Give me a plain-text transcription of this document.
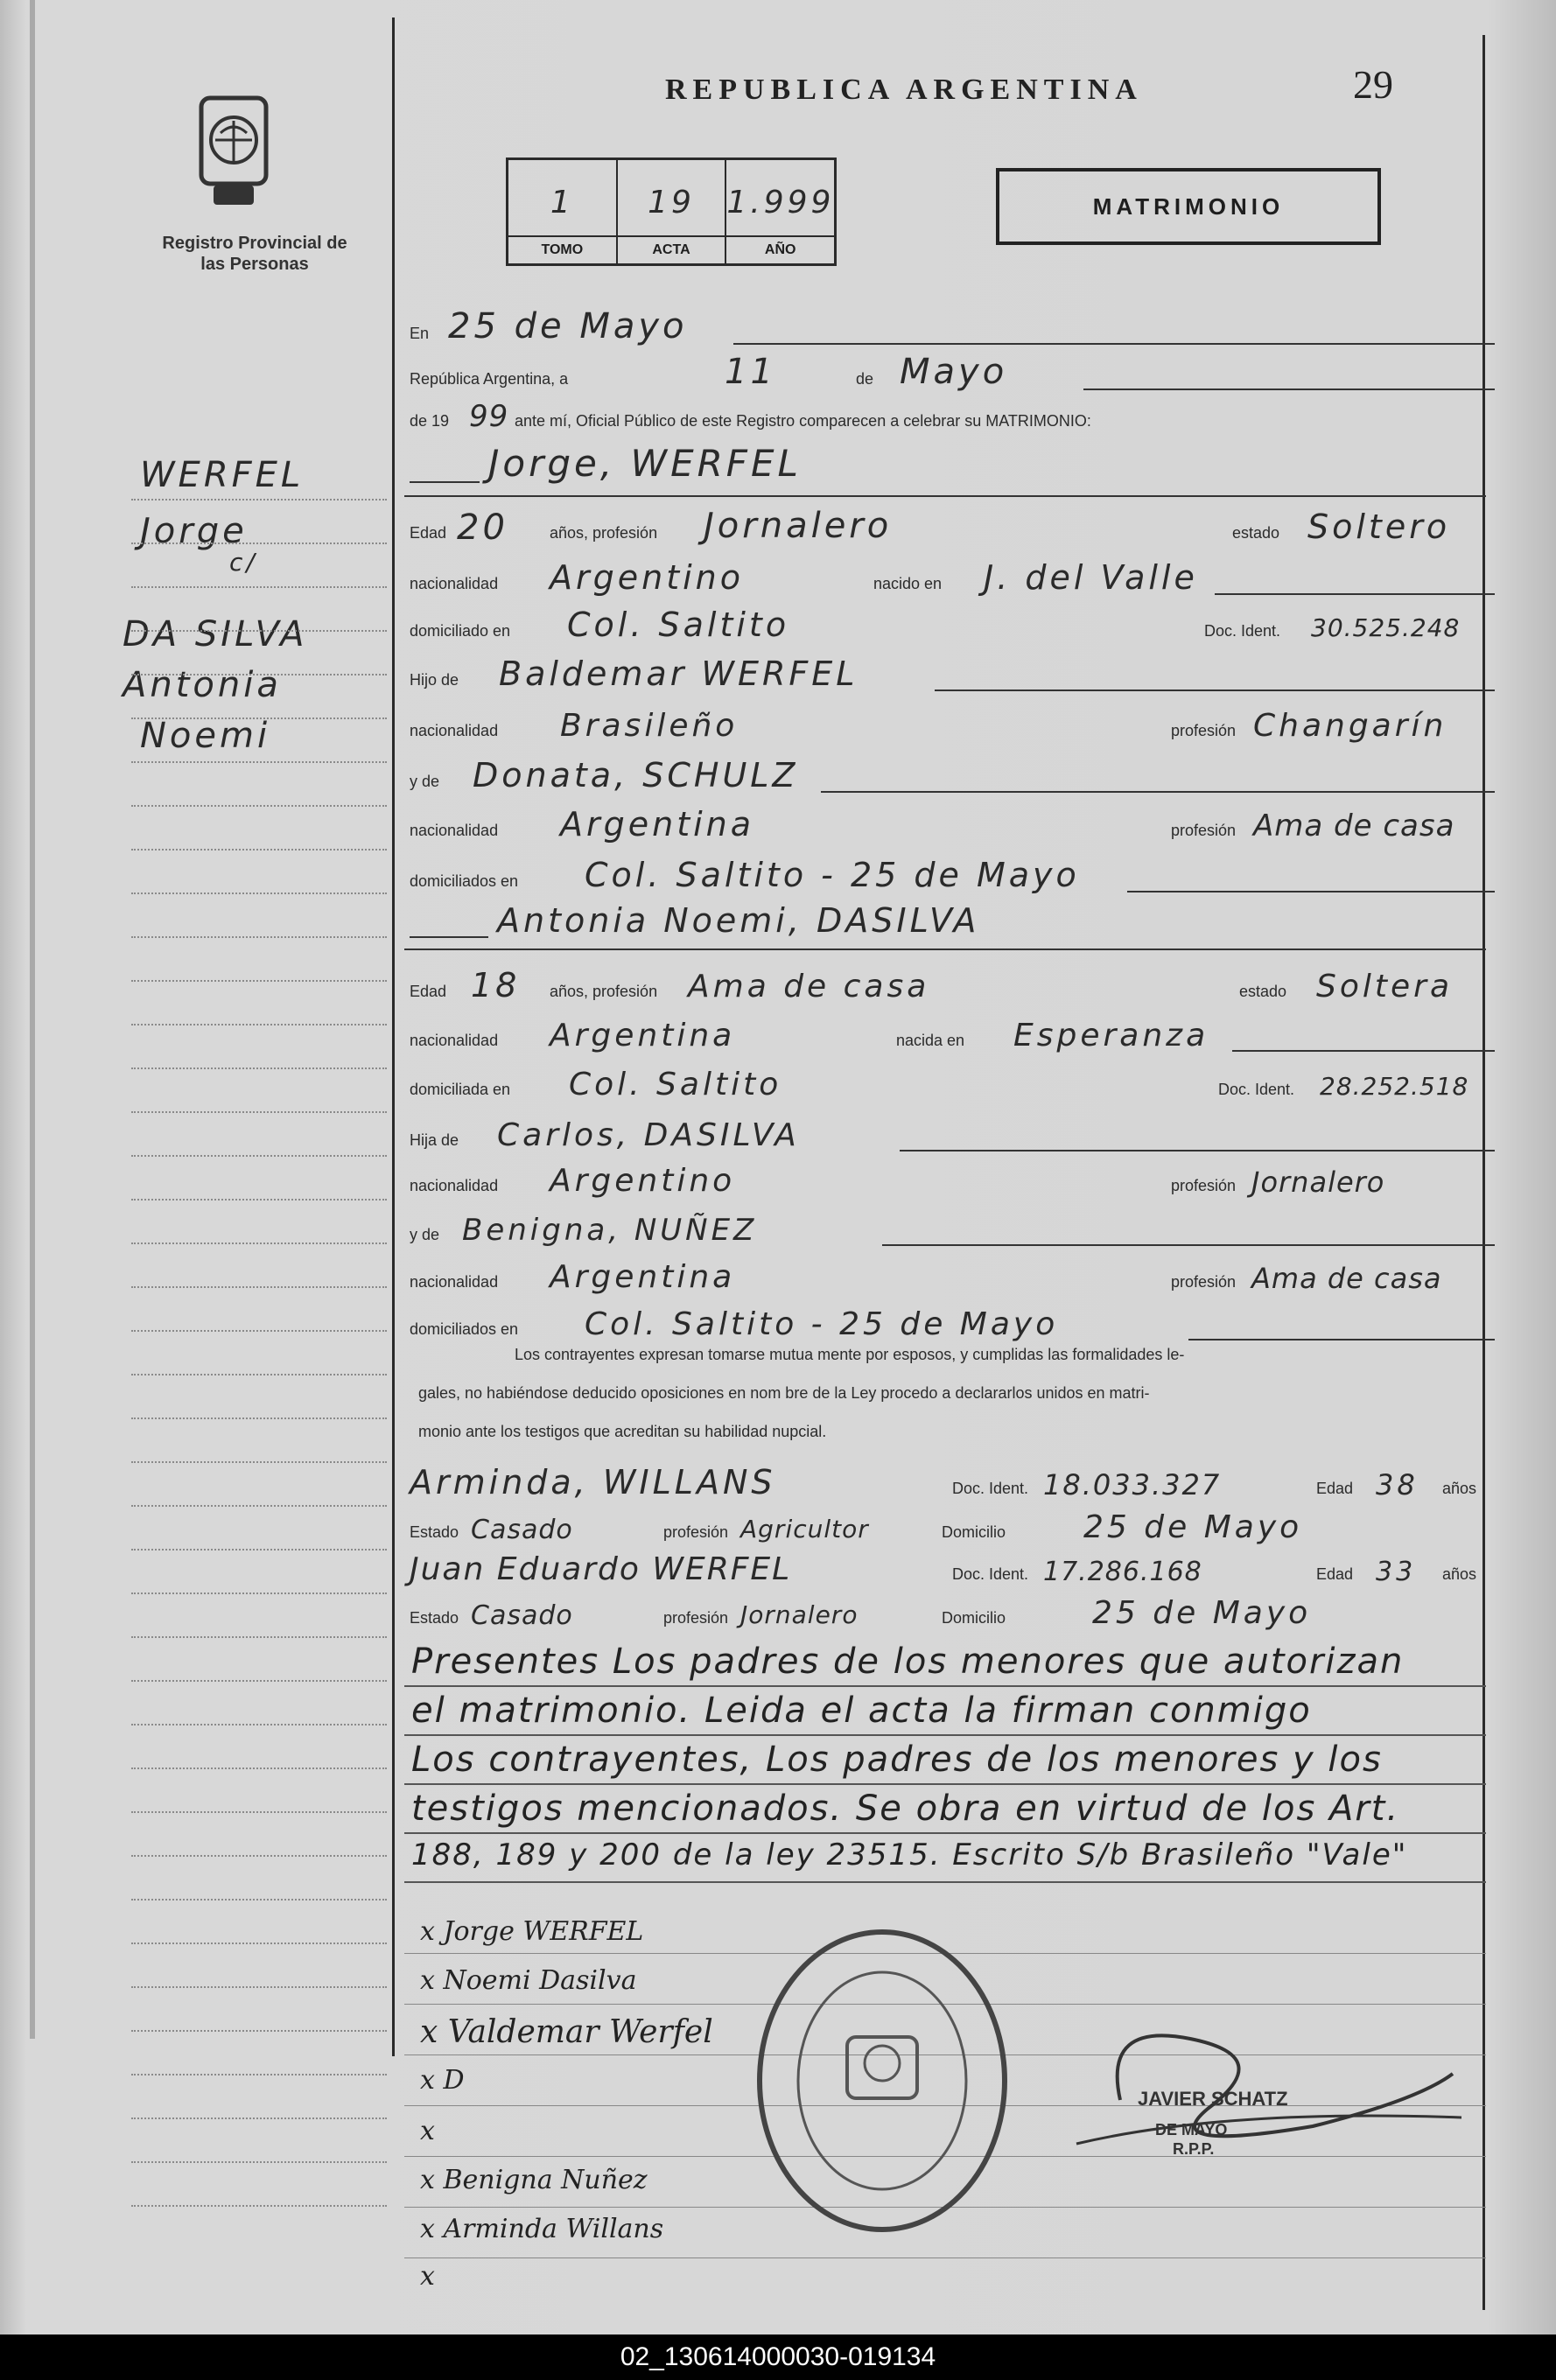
Registro Provincial de las Personas
REPUBLICA ARGENTINA	29
1
TOMO
19
ACTA
1.999
AÑO
MATRIMONIO
WERFEL
Jorge
c/
DA SILVA
Antonia
Noemi
En 25 de Mayo
República Argentina, a	11	de Mayo
de 19 99 ante mí, Oficial Público de este Registro comparecen a celebrar su MATRIMONIO:
Jorge, WERFEL
Edad 20	años, profesión Jornalero	estado Soltero
nacionalidad Argentino	nacido en J. del Valle
domiciliado en Col. Saltito	Doc. Ident. 30.525.248
Hijo de Baldemar WERFEL
nacionalidad Brasileño	profesión Changarín
y de Donata, SCHULZ
nacionalidad Argentina	profesión Ama de casa
domiciliados en Col. Saltito - 25 de Mayo
Antonia Noemi, DASILVA
Edad 18 años, profesión Ama de casa	estado Soltera
nacionalidad Argentina	nacida en Esperanza
domiciliada en Col. Saltito	Doc. Ident. 28.252.518
Hija de Carlos, DASILVA
nacionalidad Argentino	profesión Jornalero
y de Benigna, NUÑEZ
nacionalidad Argentina	profesión Ama de casa
domiciliados en Col. Saltito - 25 de Mayo
Los contrayentes expresan tomarse mutua mente por esposos, y cumplidas las formalidades le-
gales, no habiéndose deducido oposiciones en nom bre de la Ley procedo a declararlos unidos en matri-
monio ante los testigos que acreditan su habilidad nupcial.
Arminda, WILLANS	Doc. Ident. 18.033.327	Edad 38 años
Estado Casado	profesión Agricultor	Domicilio 25 de Mayo
Juan Eduardo WERFEL	Doc. Ident. 17.286.168	Edad 33 años
Estado Casado	profesión Jornalero	Domicilio	25 de Mayo
Presentes Los padres de los menores que autorizan
el matrimonio. Leida el acta la firman conmigo
Los contrayentes, Los padres de los menores y los
testigos mencionados. Se obra en virtud de los Art.
188, 189 y 200 de la ley 23515. Escrito S/b Brasileño "Vale"
x Jorge WERFEL
x Noemi Dasilva
x Valdemar Werfel
x D
x
x Benigna Nuñez
x Arminda Willans
x
JAVIER SCHATZ
DE MAYO
R.P.P.
02_130614000030-019134
